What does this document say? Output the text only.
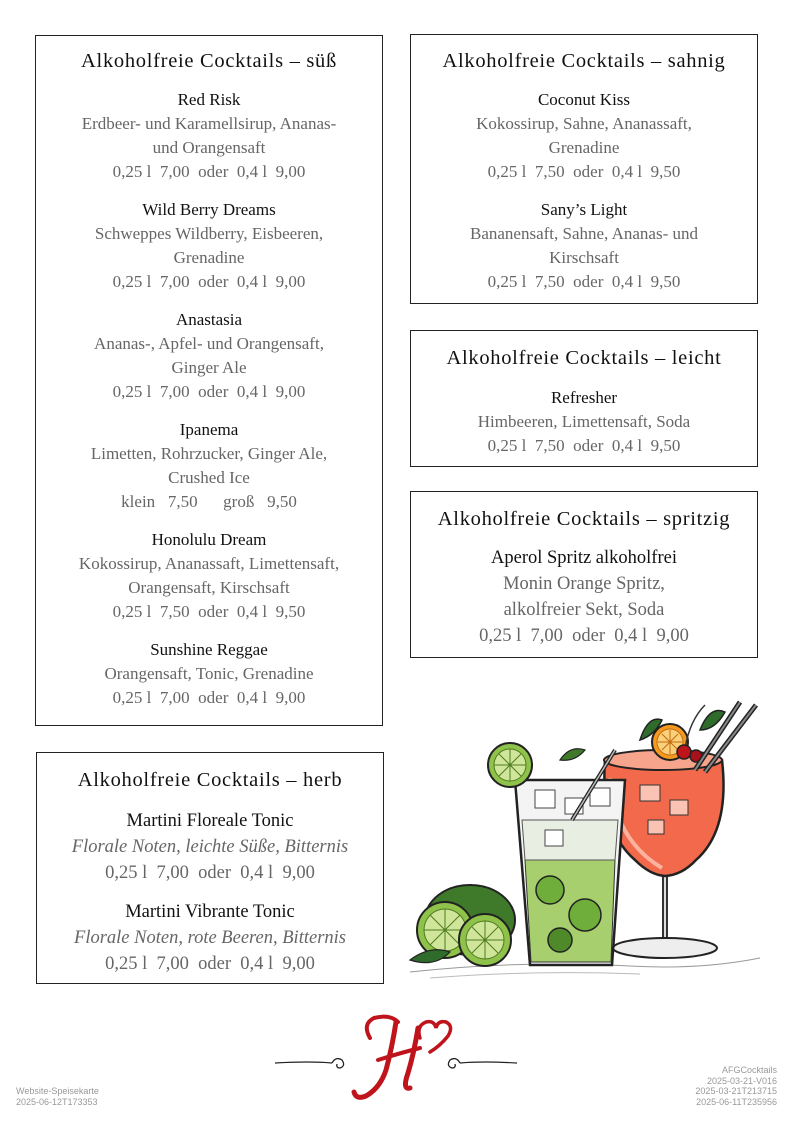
Alkoholfreie Cocktails – süß
Red Risk
Erdbeer- und Karamellsirup, Ananas-
und Orangensaft
0,25 l  7,00  oder  0,4 l  9,00
Wild Berry Dreams
Schweppes Wildberry, Eisbeeren,
Grenadine
0,25 l  7,00  oder  0,4 l  9,00
Anastasia
Ananas-, Apfel- und Orangensaft,
Ginger Ale
0,25 l  7,00  oder  0,4 l  9,00
Ipanema
Limetten, Rohrzucker, Ginger Ale,
Crushed Ice
klein   7,50      groß   9,50
Honolulu Dream
Kokossirup, Ananassaft, Limettensaft,
Orangensaft, Kirschsaft
0,25 l  7,50  oder  0,4 l  9,50
Sunshine Reggae
Orangensaft, Tonic, Grenadine
0,25 l  7,00  oder  0,4 l  9,00
Alkoholfreie Cocktails – sahnig
Coconut Kiss
Kokossirup, Sahne, Ananassaft,
Grenadine
0,25 l  7,50  oder  0,4 l  9,50
Sany’s Light
Bananensaft, Sahne, Ananas- und
Kirschsaft
0,25 l  7,50  oder  0,4 l  9,50
Alkoholfreie Cocktails – leicht
Refresher
Himbeeren, Limettensaft, Soda
0,25 l  7,50  oder  0,4 l  9,50
Alkoholfreie Cocktails – spritzig
Aperol Spritz alkoholfrei
Monin Orange Spritz,
alkolfreier Sekt, Soda
0,25 l  7,00  oder  0,4 l  9,00
Alkoholfreie Cocktails – herb
Martini Floreale Tonic
Florale Noten, leichte Süße, Bitternis
0,25 l  7,00  oder  0,4 l  9,00
Martini Vibrante Tonic
Florale Noten, rote Beeren, Bitternis
0,25 l  7,00  oder  0,4 l  9,00
Website-Speisekarte
2025-06-12T173353
AFGCocktails
2025-03-21-V016
2025-03-21T213715
2025-06-11T235956
